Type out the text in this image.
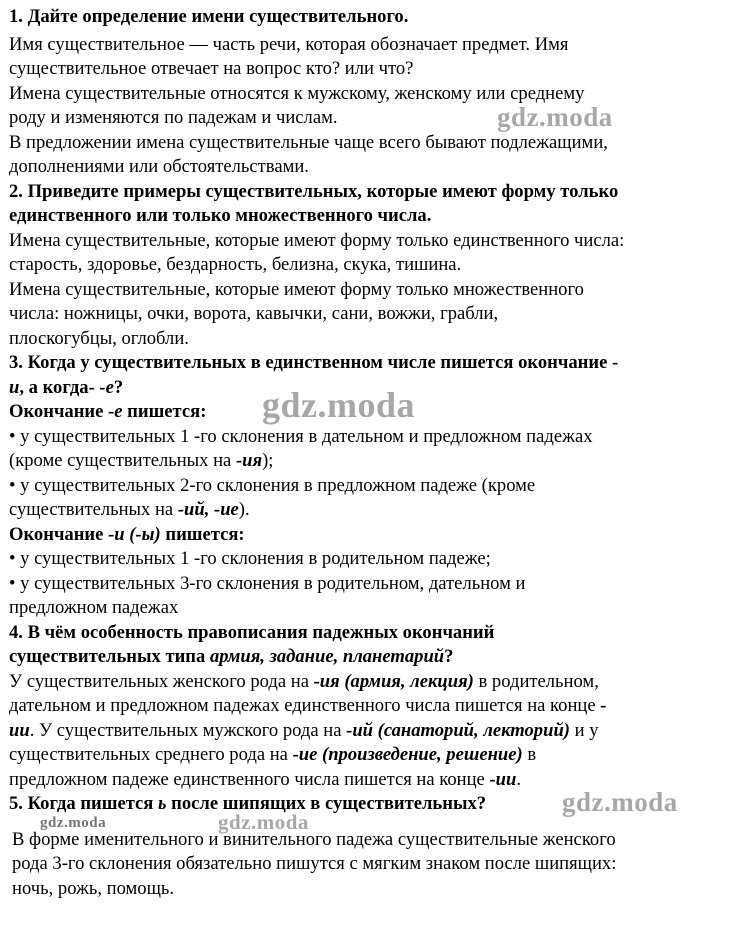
1. Дайте определение имени существительного.
Имя существительное — часть речи, которая обозначает предмет. Имя
существительное отвечает на вопрос кто? или что?
Имена существительные относятся к мужскому, женскому или среднему
роду и изменяются по падежам и числам.
В предложении имена существительные чаще всего бывают подлежащими,
дополнениями или обстоятельствами.
2. Приведите примеры существительных, которые имеют форму только
единственного или только множественного числа.
Имена существительные, которые имеют форму только единственного числа:
старость, здоровье, бездарность, белизна, скука, тишина.
Имена существительные, которые имеют форму только множественного
числа: ножницы, очки, ворота, кавычки, сани, вожжи, грабли,
плоскогубцы, оглобли.
3. Когда у существительных в единственном числе пишется окончание -
и, а когда- -е?
Окончание -е пишется:
• у существительных 1 -го склонения в дательном и предложном падежах
(кроме существительных на -ия);
• у существительных 2-го склонения в предложном падеже (кроме
существительных на -ий, -ие).
Окончание -и (-ы) пишется:
• у существительных 1 -го склонения в родительном падеже;
• у существительных 3-го склонения в родительном, дательном и
предложном падежах
4. В чём особенность правописания падежных окончаний
существительных типа армия, задание, планетарий?
У существительных женского рода на -ия (армия, лекция) в родительном,
дательном и предложном падежах единственного числа пишется на конце -
ии. У существительных мужского рода на -ий (санаторий, лекторий) и у
существительных среднего рода на -ие (произведение, решение) в
предложном падеже единственного числа пишется на конце -ии.
5. Когда пишется ь после шипящих в существительных?
В форме именительного и винительного падежа существительные женского
рода 3-го склонения обязательно пишутся с мягким знаком после шипящих:
ночь, рожь, помощь.
gdz.moda
gdz.moda
gdz.moda
gdz.moda	gdz.moda
